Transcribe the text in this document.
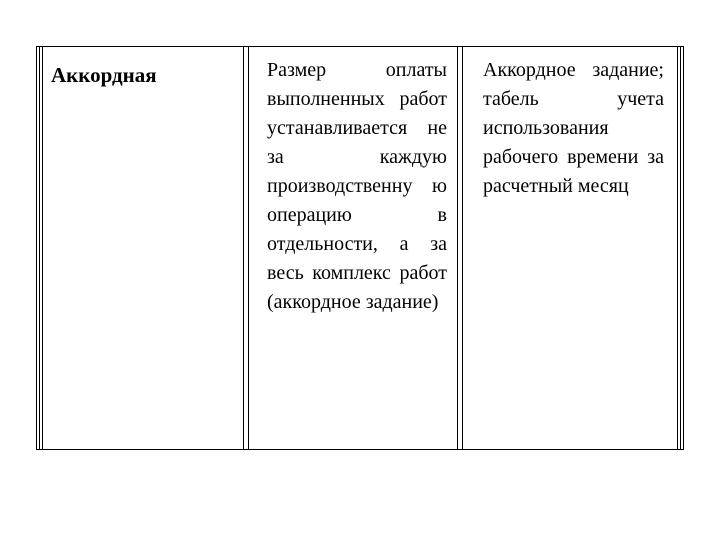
Аккордная	Размер оплаты выполненных работ устанавливается не за каждую производственну ю операцию в отдельности, а за весь комплекс работ (аккордное задание)
Аккордное задание; табель учета использования рабочего времени за расчетный месяц
